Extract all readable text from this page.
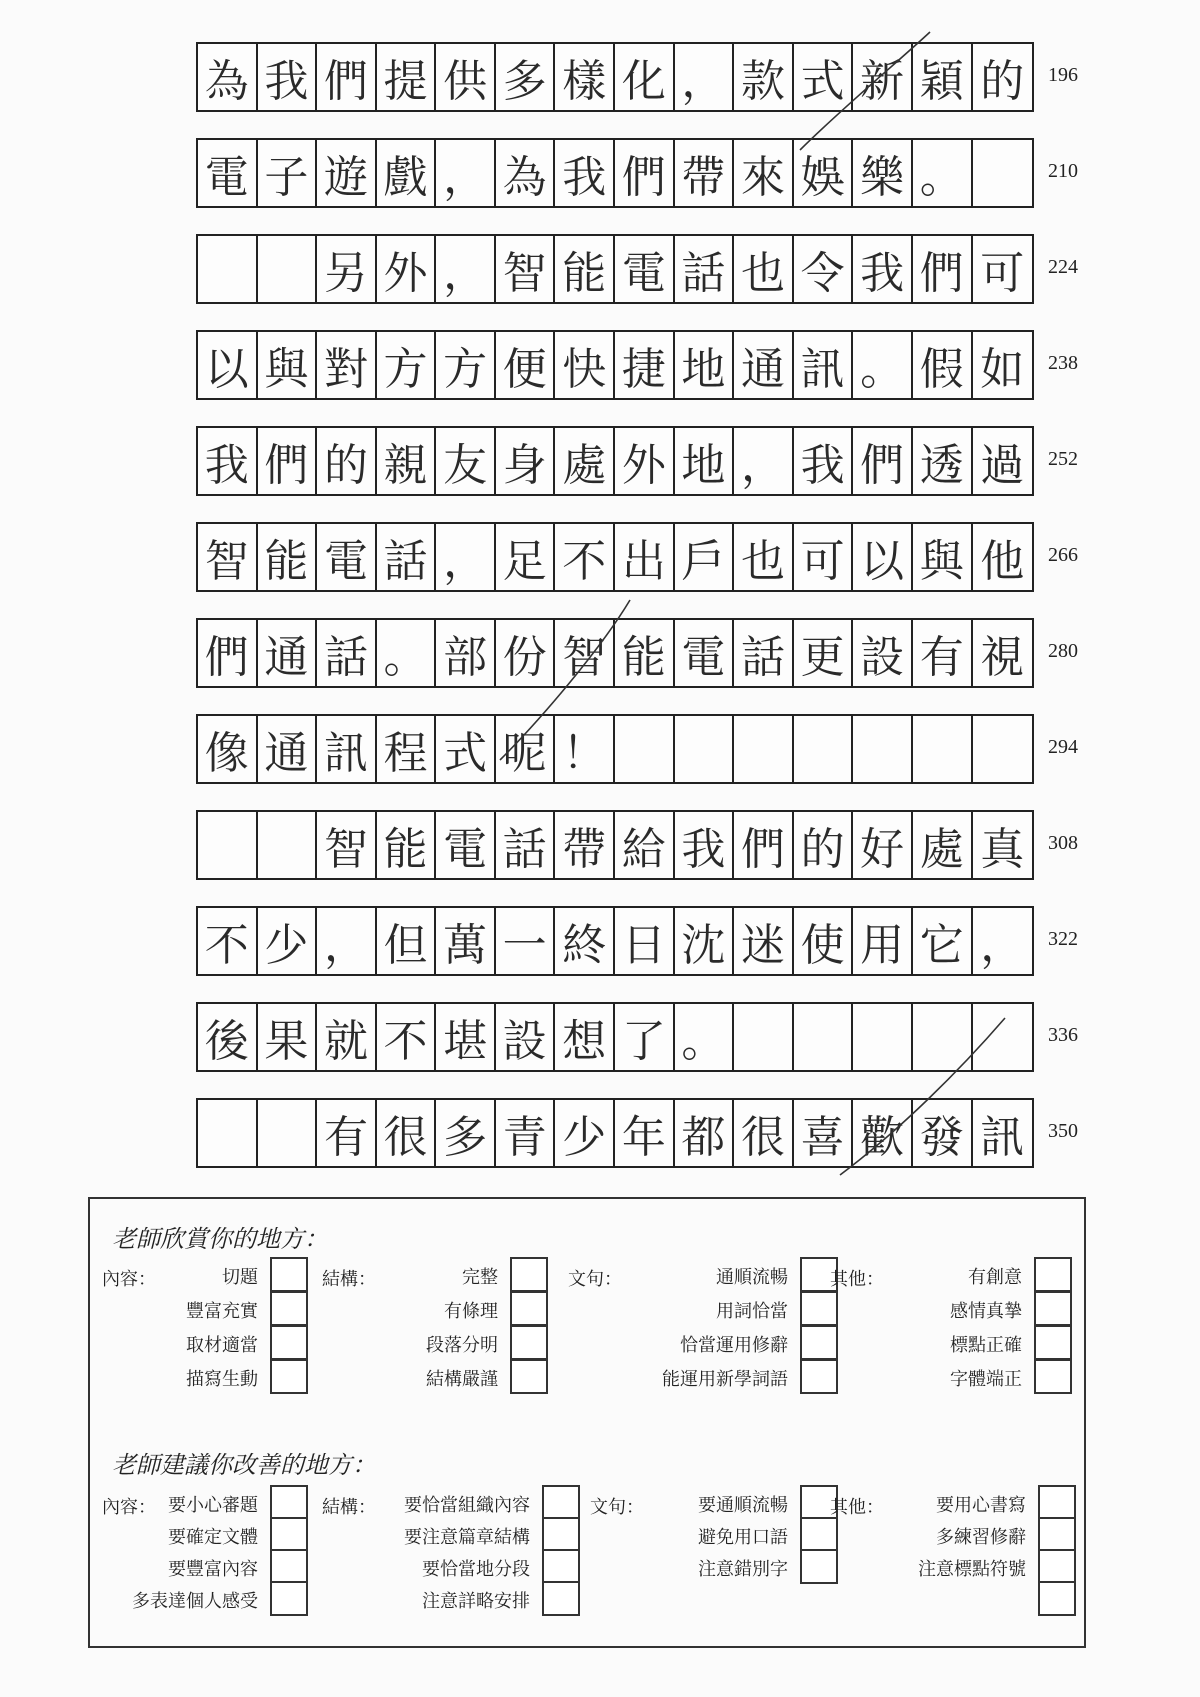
為 我 們 提 供 多 樣 化 ， 款 式 新 穎 的	196
電 子 遊 戲 ， 為 我 們 帶 來 娛 樂 。	210
另 外 ， 智 能 電 話 也 令 我 們 可	224
以 與 對 方 方 便 快 捷 地 通 訊 。 假 如	238
我 們 的 親 友 身 處 外 地 ， 我 們 透 過	252
智 能 電 話 ， 足 不 出 戶 也 可 以 與 他	266
們 通 話 。 部 份 智 能 電 話 更 設 有 視	280
像 通 訊 程 式 呢 ！	294
智 能 電 話 帶 給 我 們 的 好 處 真	308
不 少 ， 但 萬 一 終 日 沈 迷 使 用 它 ，	322
後 果 就 不 堪 設 想 了 。	336
有 很 多 青 少 年 都 很 喜 歡 發 訊	350
老師欣賞你的地方：
內容：	切題
豐富充實
取材適當
描寫生動
結構：	完整
有條理
段落分明
結構嚴謹
文句：	通順流暢
用詞恰當
恰當運用修辭
能運用新學詞語
其他：	有創意
感情真摯
標點正確
字體端正
老師建議你改善的地方：
內容： 要小心審題
要確定文體
要豐富內容
多表達個人感受
結構： 要恰當組織內容
要注意篇章結構
要恰當地分段
注意詳略安排
文句：	要通順流暢
避免用口語
注意錯別字
其他：	要用心書寫
多練習修辭
注意標點符號
